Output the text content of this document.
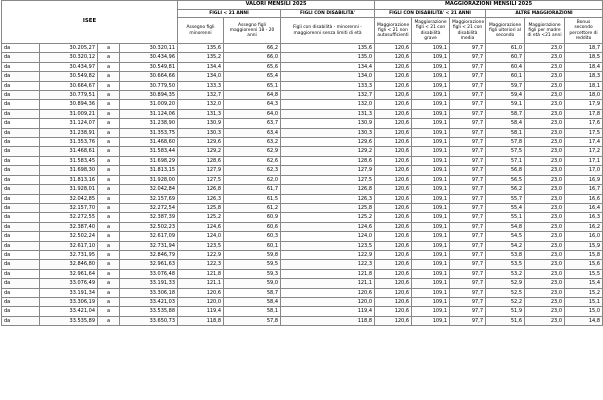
ISEE				VALORI MENSILI 2025			MAGGIORAZIONI MENSILI 2025					
				FIGLI < 21 ANNI		FIGLI CON DISABILITA'	FIGLI CON DISABILITA' < 21 ANNI			ALTRE MAGGIORAZIONI		
				Assegno figli minorenni	Assegno figli maggiorenni 18 - 20 anni	Figli con disabilità - minorenni - maggiorenni senza limiti di età	Maggiorazione figli < 21 non autosufficienti	Maggiorazione figli < 21 con disabilità grave	Maggiorazione figli < 21 con disabilità media	Maggiorazione figli ulteriori al secondo	Maggiorazione figli per madre di età <21 anni	Bonus secondo percettore di reddito
da	30.205,27	a	30.320,11	135,6	66,2	135,6	120,6	109,1	97,7	61,0	23,0	18,7
da	30.320,12	a	30.434,96	135,2	66,0	135,0	120,6	109,1	97,7	60,7	23,0	18,5
da	30.434,97	a	30.549,81	134,4	65,6	134,4	120,6	109,1	97,7	60,4	23,0	18,4
da	30.549,82	a	30.664,66	134,0	65,4	134,0	120,6	109,1	97,7	60,1	23,0	18,3
da	30.664,67	a	30.779,50	133,3	65,1	133,3	120,6	109,1	97,7	59,7	23,0	18,1
da	30.779,51	a	30.894,35	132,7	64,8	132,7	120,6	109,1	97,7	59,4	23,0	18,0
da	30.894,36	a	31.009,20	132,0	64,3	132,0	120,6	109,1	97,7	59,1	23,0	17,9
da	31.009,21	a	31.124,06	131,3	64,0	131,3	120,6	109,1	97,7	58,7	23,0	17,8
da	31.124,07	a	31.238,90	130,9	63,7	130,9	120,6	109,1	97,7	58,4	23,0	17,6
da	31.238,91	a	31.353,75	130,3	63,4	130,3	120,6	109,1	97,7	58,1	23,0	17,5
da	31.353,76	a	31.468,60	129,6	63,2	129,6	120,6	109,1	97,7	57,8	23,0	17,4
da	31.468,61	a	31.583,44	129,2	62,9	129,2	120,6	109,1	97,7	57,5	23,0	17,2
da	31.583,45	a	31.698,29	128,6	62,6	128,6	120,6	109,1	97,7	57,1	23,0	17,1
da	31.698,30	a	31.813,15	127,9	62,3	127,9	120,6	109,1	97,7	56,8	23,0	17,0
da	31.813,16	a	31.928,00	127,5	62,0	127,5	120,6	109,1	97,7	56,5	23,0	16,9
da	31.928,01	a	32.042,84	126,8	61,7	126,8	120,6	109,1	97,7	56,2	23,0	16,7
da	32.042,85	a	32.157,69	126,3	61,5	126,3	120,6	109,1	97,7	55,7	23,0	16,6
da	32.157,70	a	32.272,54	125,8	61,2	125,8	120,6	109,1	97,7	55,4	23,0	16,4
da	32.272,55	a	32.387,39	125,2	60,9	125,2	120,6	109,1	97,7	55,1	23,0	16,3
da	32.387,40	a	32.502,23	124,6	60,6	124,6	120,6	109,1	97,7	54,8	23,0	16,2
da	32.502,24	a	32.617,09	124,0	60,3	124,0	120,6	109,1	97,7	54,5	23,0	16,0
da	32.617,10	a	32.731,94	123,5	60,1	123,5	120,6	109,1	97,7	54,2	23,0	15,9
da	32.731,95	a	32.846,79	122,9	59,8	122,9	120,6	109,1	97,7	53,8	23,0	15,8
da	32.846,80	a	32.961,63	122,3	59,5	122,3	120,6	109,1	97,7	53,5	23,0	15,6
da	32.961,64	a	33.076,48	121,8	59,3	121,8	120,6	109,1	97,7	53,2	23,0	15,5
da	33.076,49	a	33.191,33	121,1	59,0	121,1	120,6	109,1	97,7	52,9	23,0	15,4
da	33.191,34	a	33.306,18	120,6	58,7	120,6	120,6	109,1	97,7	52,5	23,0	15,2
da	33.306,19	a	33.421,03	120,0	58,4	120,0	120,6	109,1	97,7	52,2	23,0	15,1
da	33.421,04	a	33.535,88	119,4	58,1	119,4	120,6	109,1	97,7	51,9	23,0	15,0
da	33.535,89	a	33.650,73	118,8	57,8	118,8	120,6	109,1	97,7	51,6	23,0	14,8
